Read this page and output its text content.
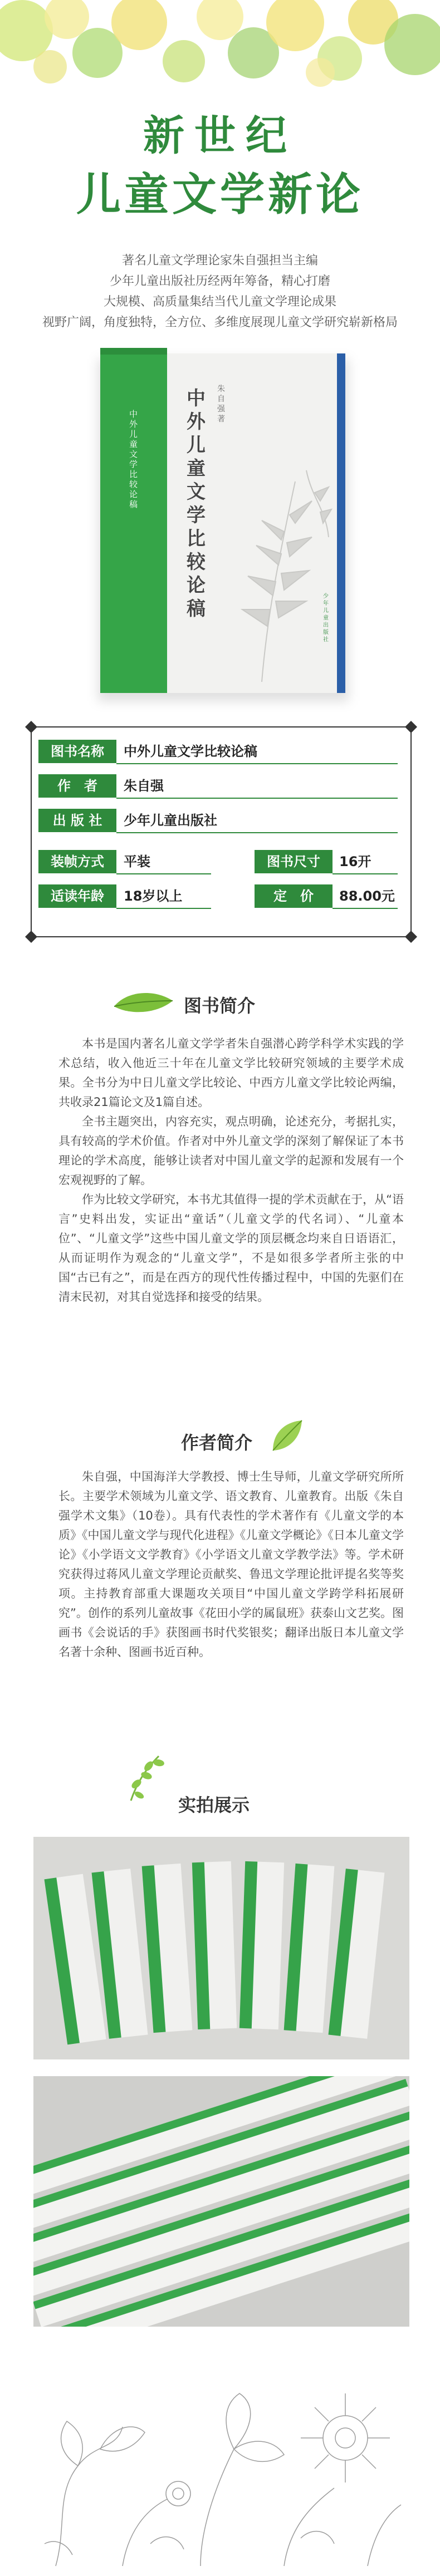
新世纪
儿童文学新论
著名儿童文学理论家朱自强担当主编
少年儿童出版社历经两年筹备，精心打磨
大规模、高质量集结当代儿童文学理论成果
视野广阔，角度独特，全方位、多维度展现儿童文学研究崭新格局
中外儿童文学比较论稿
中外儿童文学比较论稿
朱自强 著
少年儿童出版社
图书名称	中外儿童文学比较论稿
作　者	朱自强
出 版 社	少年儿童出版社
装帧方式	平装	图书尺寸	16开
适读年龄	18岁以上	定　价	88.00元
图书简介

本书是国内著名儿童文学学者朱自强潜心跨学科学术实践的学术总结，收入他近三十年在儿童文学比较研究领域的主要学术成果。全书分为中日儿童文学比较论、中西方儿童文学比较论两编，共收录21篇论文及1篇自述。

全书主题突出，内容充实，观点明确，论述充分，考据扎实，具有较高的学术价值。作者对中外儿童文学的深刻了解保证了本书理论的学术高度，能够让读者对中国儿童文学的起源和发展有一个宏观视野的了解。

作为比较文学研究，本书尤其值得一提的学术贡献在于，从“语言”史料出发，实证出“童话”（儿童文学的代名词）、“儿童本位”、“儿童文学”这些中国儿童文学的顶层概念均来自日语语汇，从而证明作为观念的“儿童文学”，不是如很多学者所主张的中国“古已有之”，而是在西方的现代性传播过程中，中国的先驱们在清末民初，对其自觉选择和接受的结果。

作者简介

朱自强，中国海洋大学教授、博士生导师，儿童文学研究所所长。主要学术领域为儿童文学、语文教育、儿童教育。出版《朱自强学术文集》（10卷）。具有代表性的学术著作有《儿童文学的本质》《中国儿童文学与现代化进程》《儿童文学概论》《日本儿童文学论》《小学语文文学教育》《小学语文儿童文学教学法》等。学术研究获得过蒋风儿童文学理论贡献奖、鲁迅文学理论批评提名奖等奖项。主持教育部重大课题攻关项目“中国儿童文学跨学科拓展研究”。创作的系列儿童故事《花田小学的属鼠班》获泰山文艺奖。图画书《会说话的手》获图画书时代奖银奖；翻译出版日本儿童文学名著十余种、图画书近百种。

实拍展示
